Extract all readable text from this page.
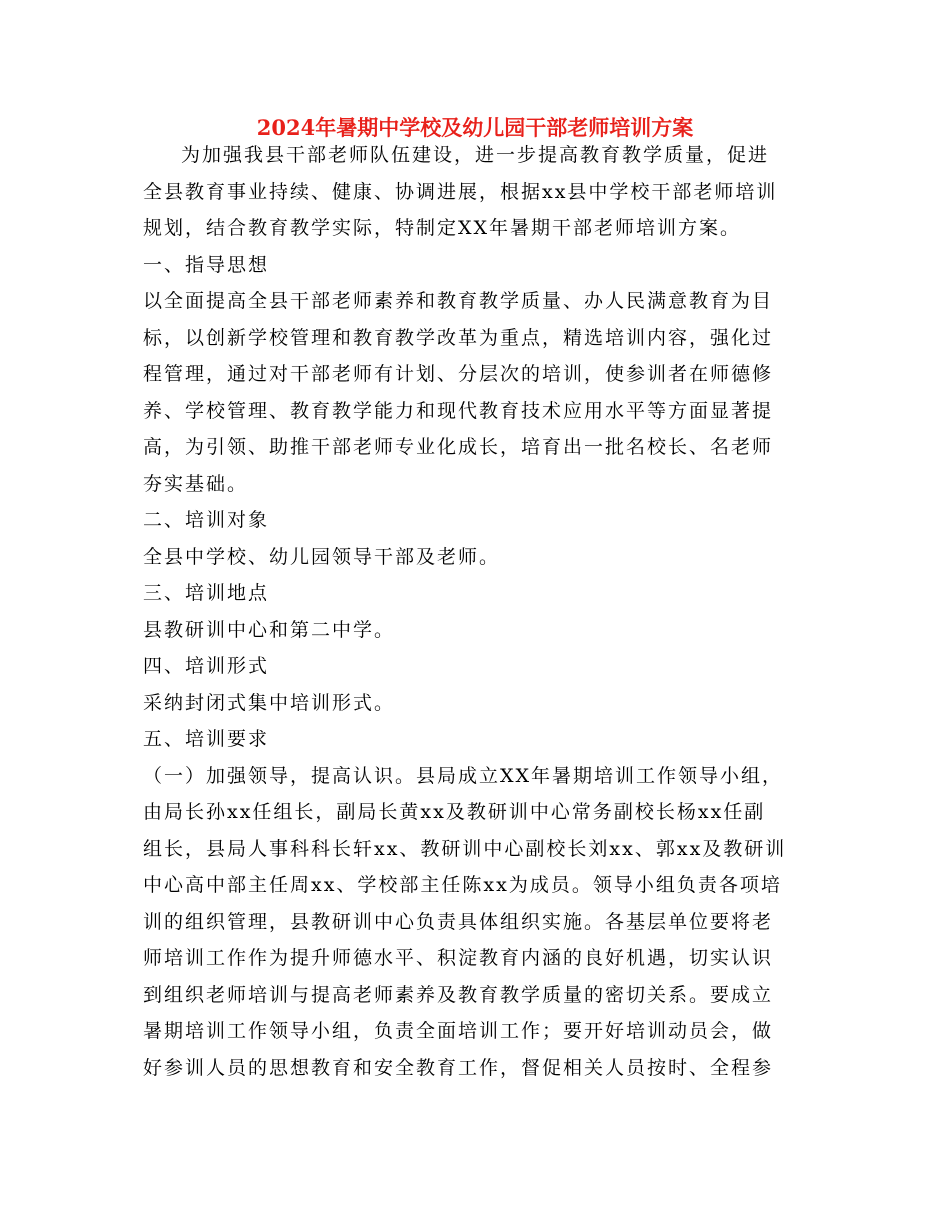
2024年暑期中学校及幼儿园干部老师培训方案
为加强我县干部老师队伍建设，进一步提高教育教学质量，促进
全县教育事业持续、健康、协调进展，根据xx县中学校干部老师培训
规划，结合教育教学实际，特制定XX年暑期干部老师培训方案。
一、指导思想
以全面提高全县干部老师素养和教育教学质量、办人民满意教育为目
标，以创新学校管理和教育教学改革为重点，精选培训内容，强化过
程管理，通过对干部老师有计划、分层次的培训，使参训者在师德修
养、学校管理、教育教学能力和现代教育技术应用水平等方面显著提
高，为引领、助推干部老师专业化成长，培育出一批名校长、名老师
夯实基础。
二、培训对象
全县中学校、幼儿园领导干部及老师。
三、培训地点
县教研训中心和第二中学。
四、培训形式
采纳封闭式集中培训形式。
五、培训要求
（一）加强领导，提高认识。县局成立XX年暑期培训工作领导小组，
由局长孙xx任组长，副局长黄xx及教研训中心常务副校长杨xx任副
组长，县局人事科科长轩xx、教研训中心副校长刘xx、郭xx及教研训
中心高中部主任周xx、学校部主任陈xx为成员。领导小组负责各项培
训的组织管理，县教研训中心负责具体组织实施。各基层单位要将老
师培训工作作为提升师德水平、积淀教育内涵的良好机遇，切实认识
到组织老师培训与提高老师素养及教育教学质量的密切关系。要成立
暑期培训工作领导小组，负责全面培训工作；要开好培训动员会，做
好参训人员的思想教育和安全教育工作，督促相关人员按时、全程参
